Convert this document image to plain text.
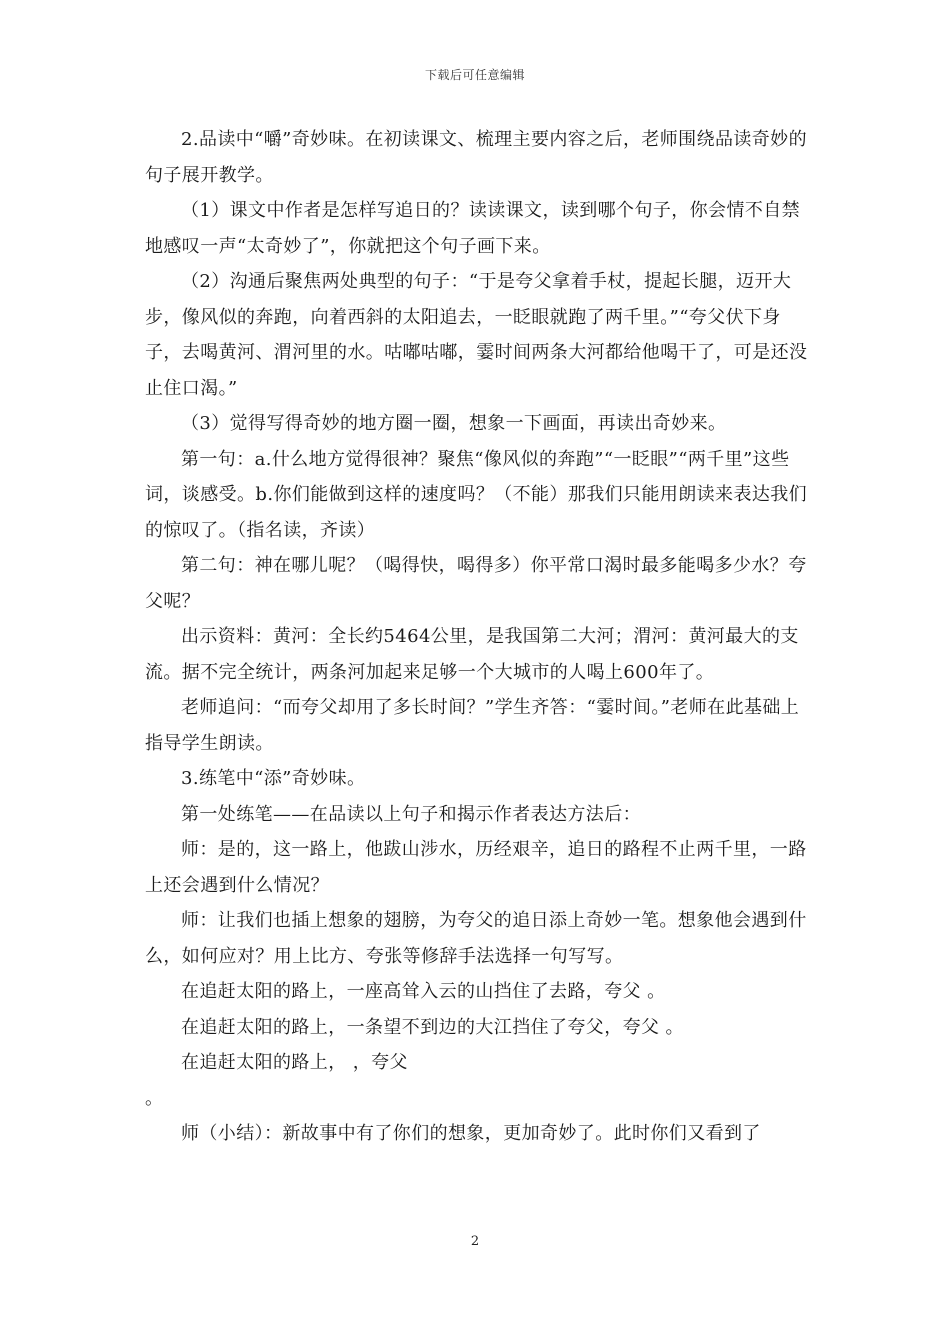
下载后可任意编辑

2.品读中“嚼”奇妙味。在初读课文、梳理主要内容之后，老师围绕品读奇妙的句子展开教学。

（1）课文中作者是怎样写追日的？读读课文，读到哪个句子，你会情不自禁地感叹一声“太奇妙了”，你就把这个句子画下来。

（2）沟通后聚焦两处典型的句子：“于是夸父拿着手杖，提起长腿，迈开大步，像风似的奔跑，向着西斜的太阳追去，一眨眼就跑了两千里。”“夸父伏下身子，去喝黄河、渭河里的水。咕嘟咕嘟，霎时间两条大河都给他喝干了，可是还没止住口渴。”

（3）觉得写得奇妙的地方圈一圈，想象一下画面，再读出奇妙来。

第一句：a.什么地方觉得很神？聚焦“像风似的奔跑”“一眨眼”“两千里”这些词，谈感受。b.你们能做到这样的速度吗？（不能）那我们只能用朗读来表达我们的惊叹了。（指名读，齐读）

第二句：神在哪儿呢？（喝得快，喝得多）你平常口渴时最多能喝多少水？夸父呢？

出示资料：黄河：全长约5464公里，是我国第二大河；渭河：黄河最大的支流。据不完全统计，两条河加起来足够一个大城市的人喝上600年了。

老师追问：“而夸父却用了多长时间？”学生齐答：“霎时间。”老师在此基础上指导学生朗读。

3.练笔中“添”奇妙味。

第一处练笔——在品读以上句子和揭示作者表达方法后：

师：是的，这一路上，他跋山涉水，历经艰辛，追日的路程不止两千里，一路上还会遇到什么情况？

师：让我们也插上想象的翅膀，为夸父的追日添上奇妙一笔。想象他会遇到什么，如何应对？用上比方、夸张等修辞手法选择一句写写。

在追赶太阳的路上，一座高耸入云的山挡住了去路，夸父 。

在追赶太阳的路上，一条望不到边的大江挡住了夸父，夸父 。

在追赶太阳的路上， ，夸父

。

师（小结）：新故事中有了你们的想象，更加奇妙了。此时你们又看到了

2
